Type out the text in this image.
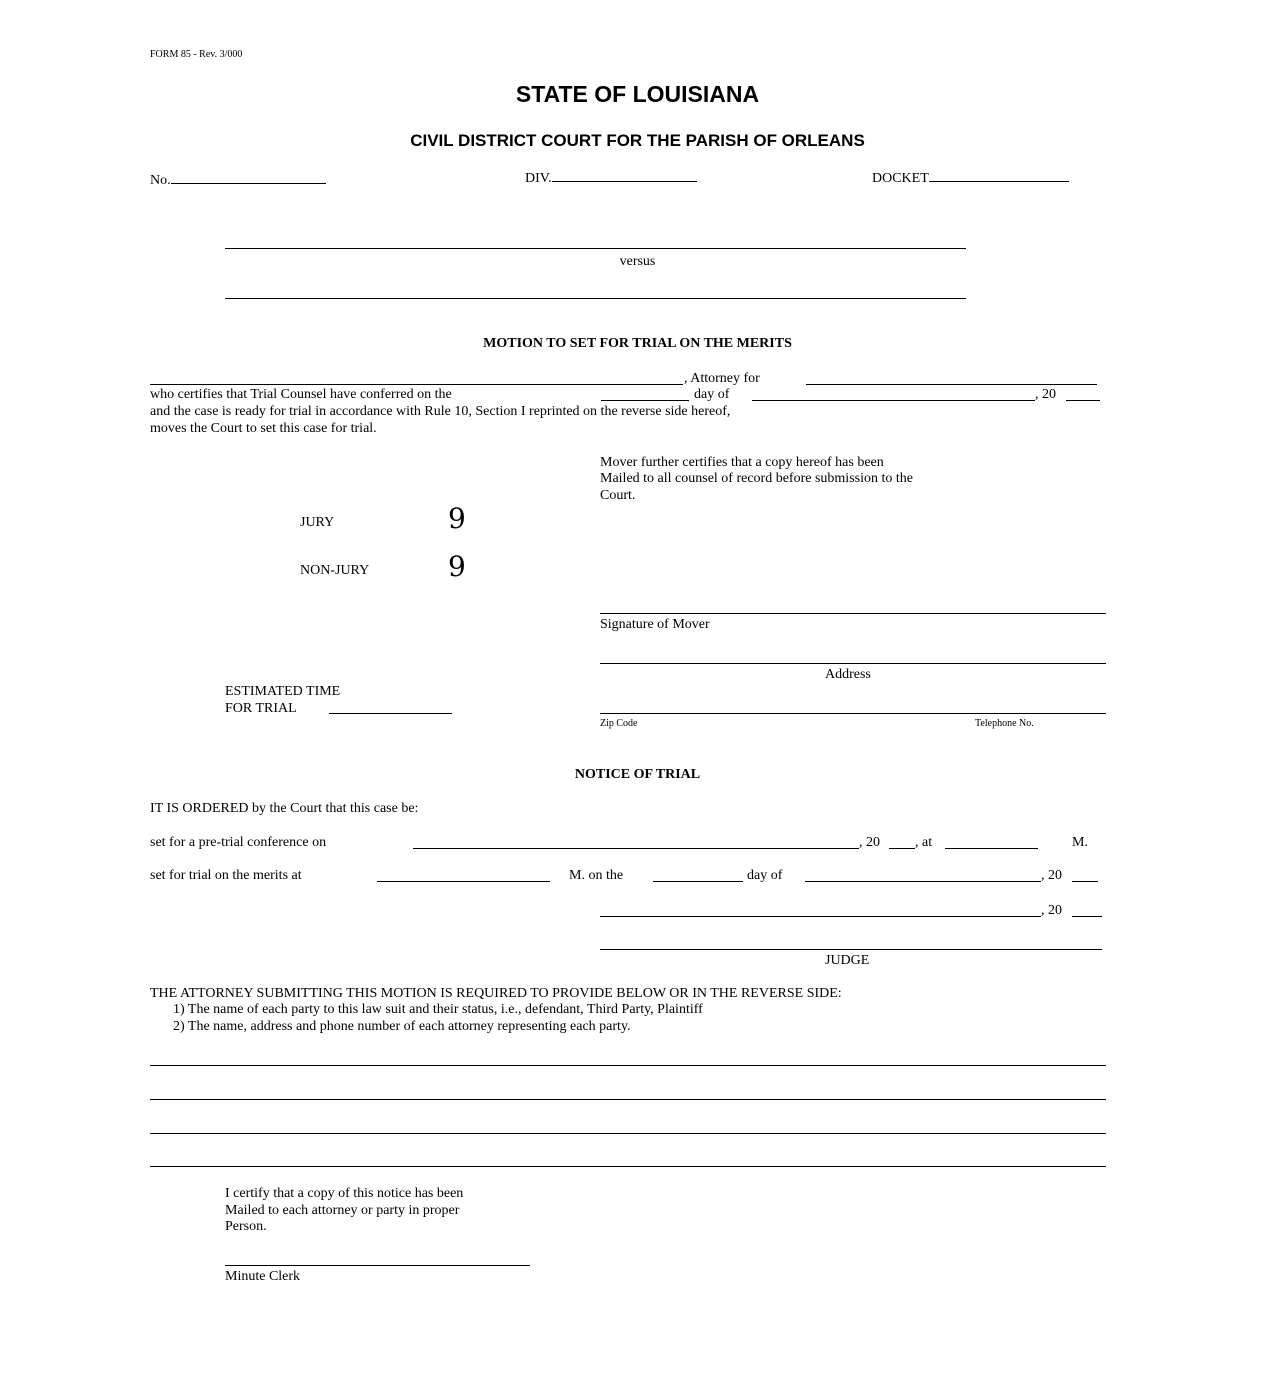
FORM 85 - Rev. 3/000
STATE OF LOUISIANA
CIVIL DISTRICT COURT FOR THE PARISH OF ORLEANS
No.	DIV.	DOCKET
versus
MOTION TO SET FOR TRIAL ON THE MERITS
, Attorney for
who certifies that Trial Counsel have conferred on the	day of	, 20
and the case is ready for trial in accordance with Rule 10, Section I reprinted on the reverse side hereof,
moves the Court to set this case for trial.
Mover further certifies that a copy hereof has been
Mailed to all counsel of record before submission to the
Court.
JURY	9
NON-JURY	9
Signature of Mover
Address
Zip Code	Telephone No.
ESTIMATED TIME
FOR TRIAL
NOTICE OF TRIAL
IT IS ORDERED by the Court that this case be:
set for a pre-trial conference on	, 20	, at	M.
set for trial on the merits at	M. on the	day of	, 20
, 20
JUDGE
THE ATTORNEY SUBMITTING THIS MOTION IS REQUIRED TO PROVIDE BELOW OR IN THE REVERSE SIDE:
1) The name of each party to this law suit and their status, i.e., defendant, Third Party, Plaintiff
2) The name, address and phone number of each attorney representing each party.
I certify that a copy of this notice has been
Mailed to each attorney or party in proper
Person.
Minute Clerk
